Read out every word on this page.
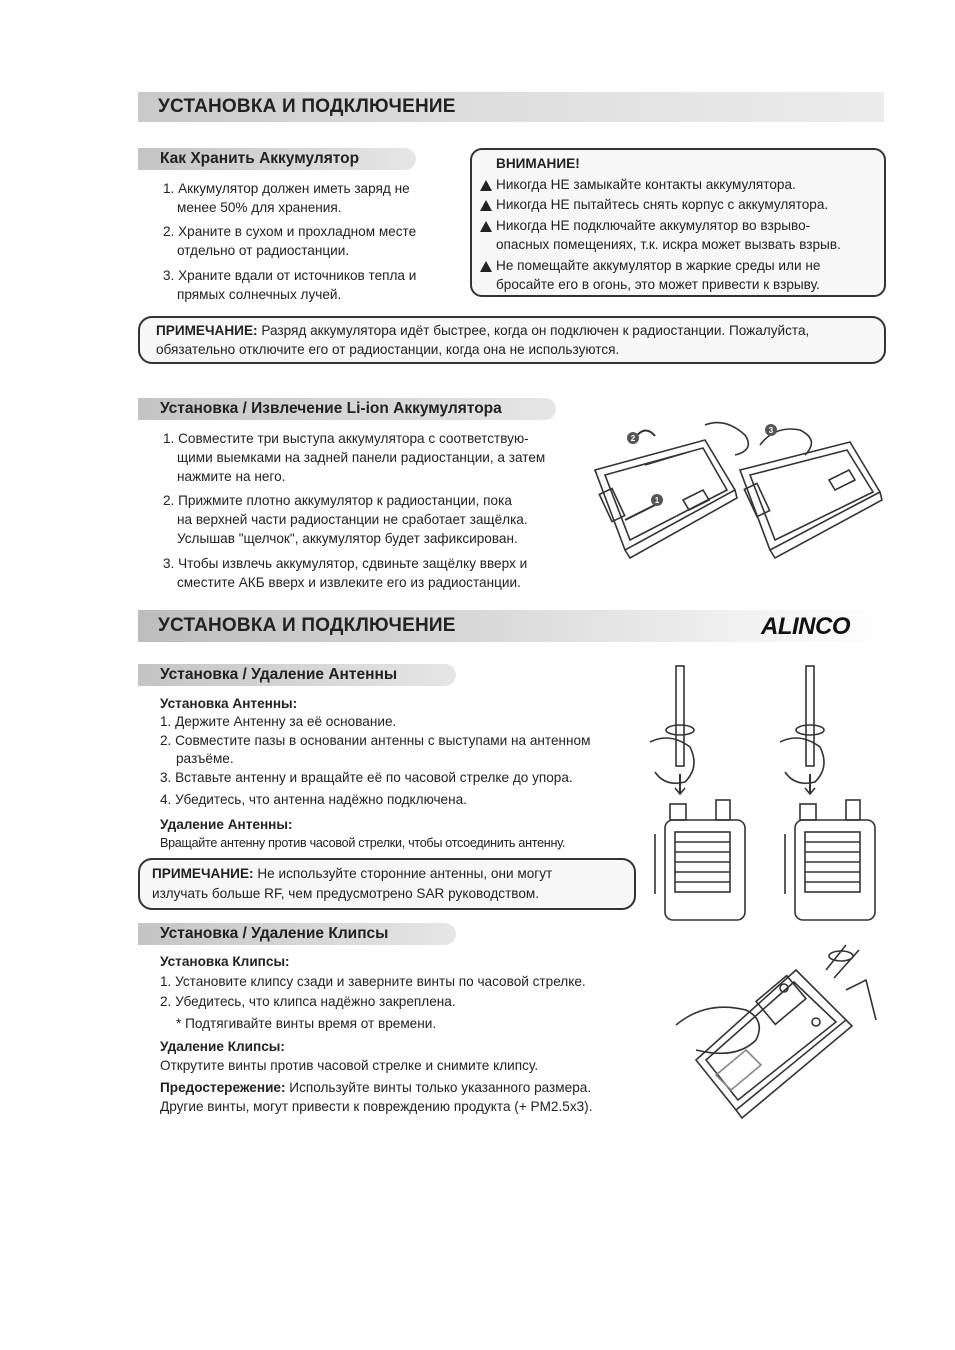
УСТАНОВКА И ПОДКЛЮЧЕНИЕ
Как Хранить Аккумулятор
1. Аккумулятор должен иметь заряд не
менее 50% для хранения.
2. Храните в сухом и прохладном месте
отдельно от радиостанции.
3. Храните вдали от источников тепла и
прямых солнечных лучей.
ВНИМАНИЕ!
Никогда НЕ замыкайте контакты аккумулятора.
Никогда НЕ пытайтесь снять корпус с аккумулятора.
Никогда НЕ подключайте аккумулятор во взрыво-
опасных помещениях, т.к. искра может вызвать взрыв.
Не помещайте аккумулятор в жаркие среды или не
бросайте его в огонь, это может привести к взрыву.
ПРИМЕЧАНИЕ: Разряд аккумулятора идёт быстрее, когда он подключен к радиостанции. Пожалуйста,
обязательно отключите его от радиостанции, когда она не используются.
Установка / Извлечение Li-ion Аккумулятора
1. Совместите три выступа аккумулятора с соответствую-
щими выемками на задней панели радиостанции, а затем
нажмите на него.
2. Прижмите плотно аккумулятор к радиостанции, пока
на верхней части радиостанции не сработает защёлка.
Услышав "щелчок", аккумулятор будет зафиксирован.
3. Чтобы извлечь аккумулятор, сдвиньте защёлку вверх и
сместите АКБ вверх и извлеките его из радиостанции.
2
1
3
УСТАНОВКА И ПОДКЛЮЧЕНИЕ	ALINCO
Установка / Удаление Антенны
Установка Антенны:
1. Держите Антенну за её основание.
2. Совместите пазы в основании антенны с выступами на антенном
разъёме.
3. Вставьте антенну и вращайте её по часовой стрелке до упора.
4. Убедитесь, что антенна надёжно подключена.
Удаление Антенны:
Вращайте антенну против часовой стрелки, чтобы отсоединить антенну.
ПРИМЕЧАНИЕ: Не используйте сторонние антенны, они могут
излучать больше RF, чем предусмотрено SAR руководством.
Установка / Удаление Клипсы
Установка Клипсы:
1. Установите клипсу сзади и заверните винты по часовой стрелке.
2. Убедитесь, что клипса надёжно закреплена.
* Подтягивайте винты время от времени.
Удаление Клипсы:
Открутите винты против часовой стрелке и снимите клипсу.
Предостережение: Используйте винты только указанного размера.
Другие винты, могут привести к повреждению продукта (+ PM2.5x3).
